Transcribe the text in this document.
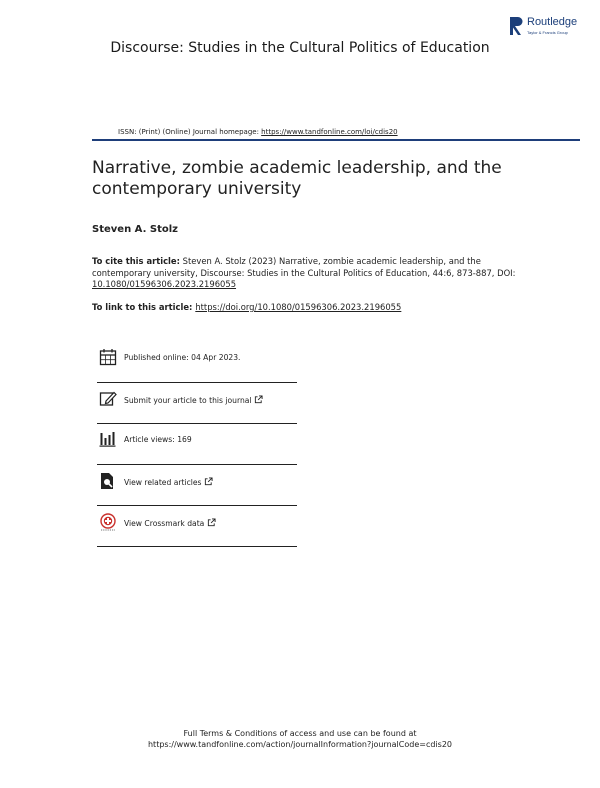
Routledge
Taylor & Francis Group
Discourse: Studies in the Cultural Politics of Education
ISSN: (Print) (Online) Journal homepage: https://www.tandfonline.com/loi/cdis20
Narrative, zombie academic leadership, and the contemporary university
Steven A. Stolz
To cite this article: Steven A. Stolz (2023) Narrative, zombie academic leadership, and the contemporary university, Discourse: Studies in the Cultural Politics of Education, 44:6, 873-887, DOI: 10.1080/01596306.2023.2196055
To link to this article: https://doi.org/10.1080/01596306.2023.2196055
Published online: 04 Apr 2023.
Submit your article to this journal
Article views: 169
View related articles
View Crossmark data
Full Terms & Conditions of access and use can be found at
https://www.tandfonline.com/action/journalInformation?journalCode=cdis20
